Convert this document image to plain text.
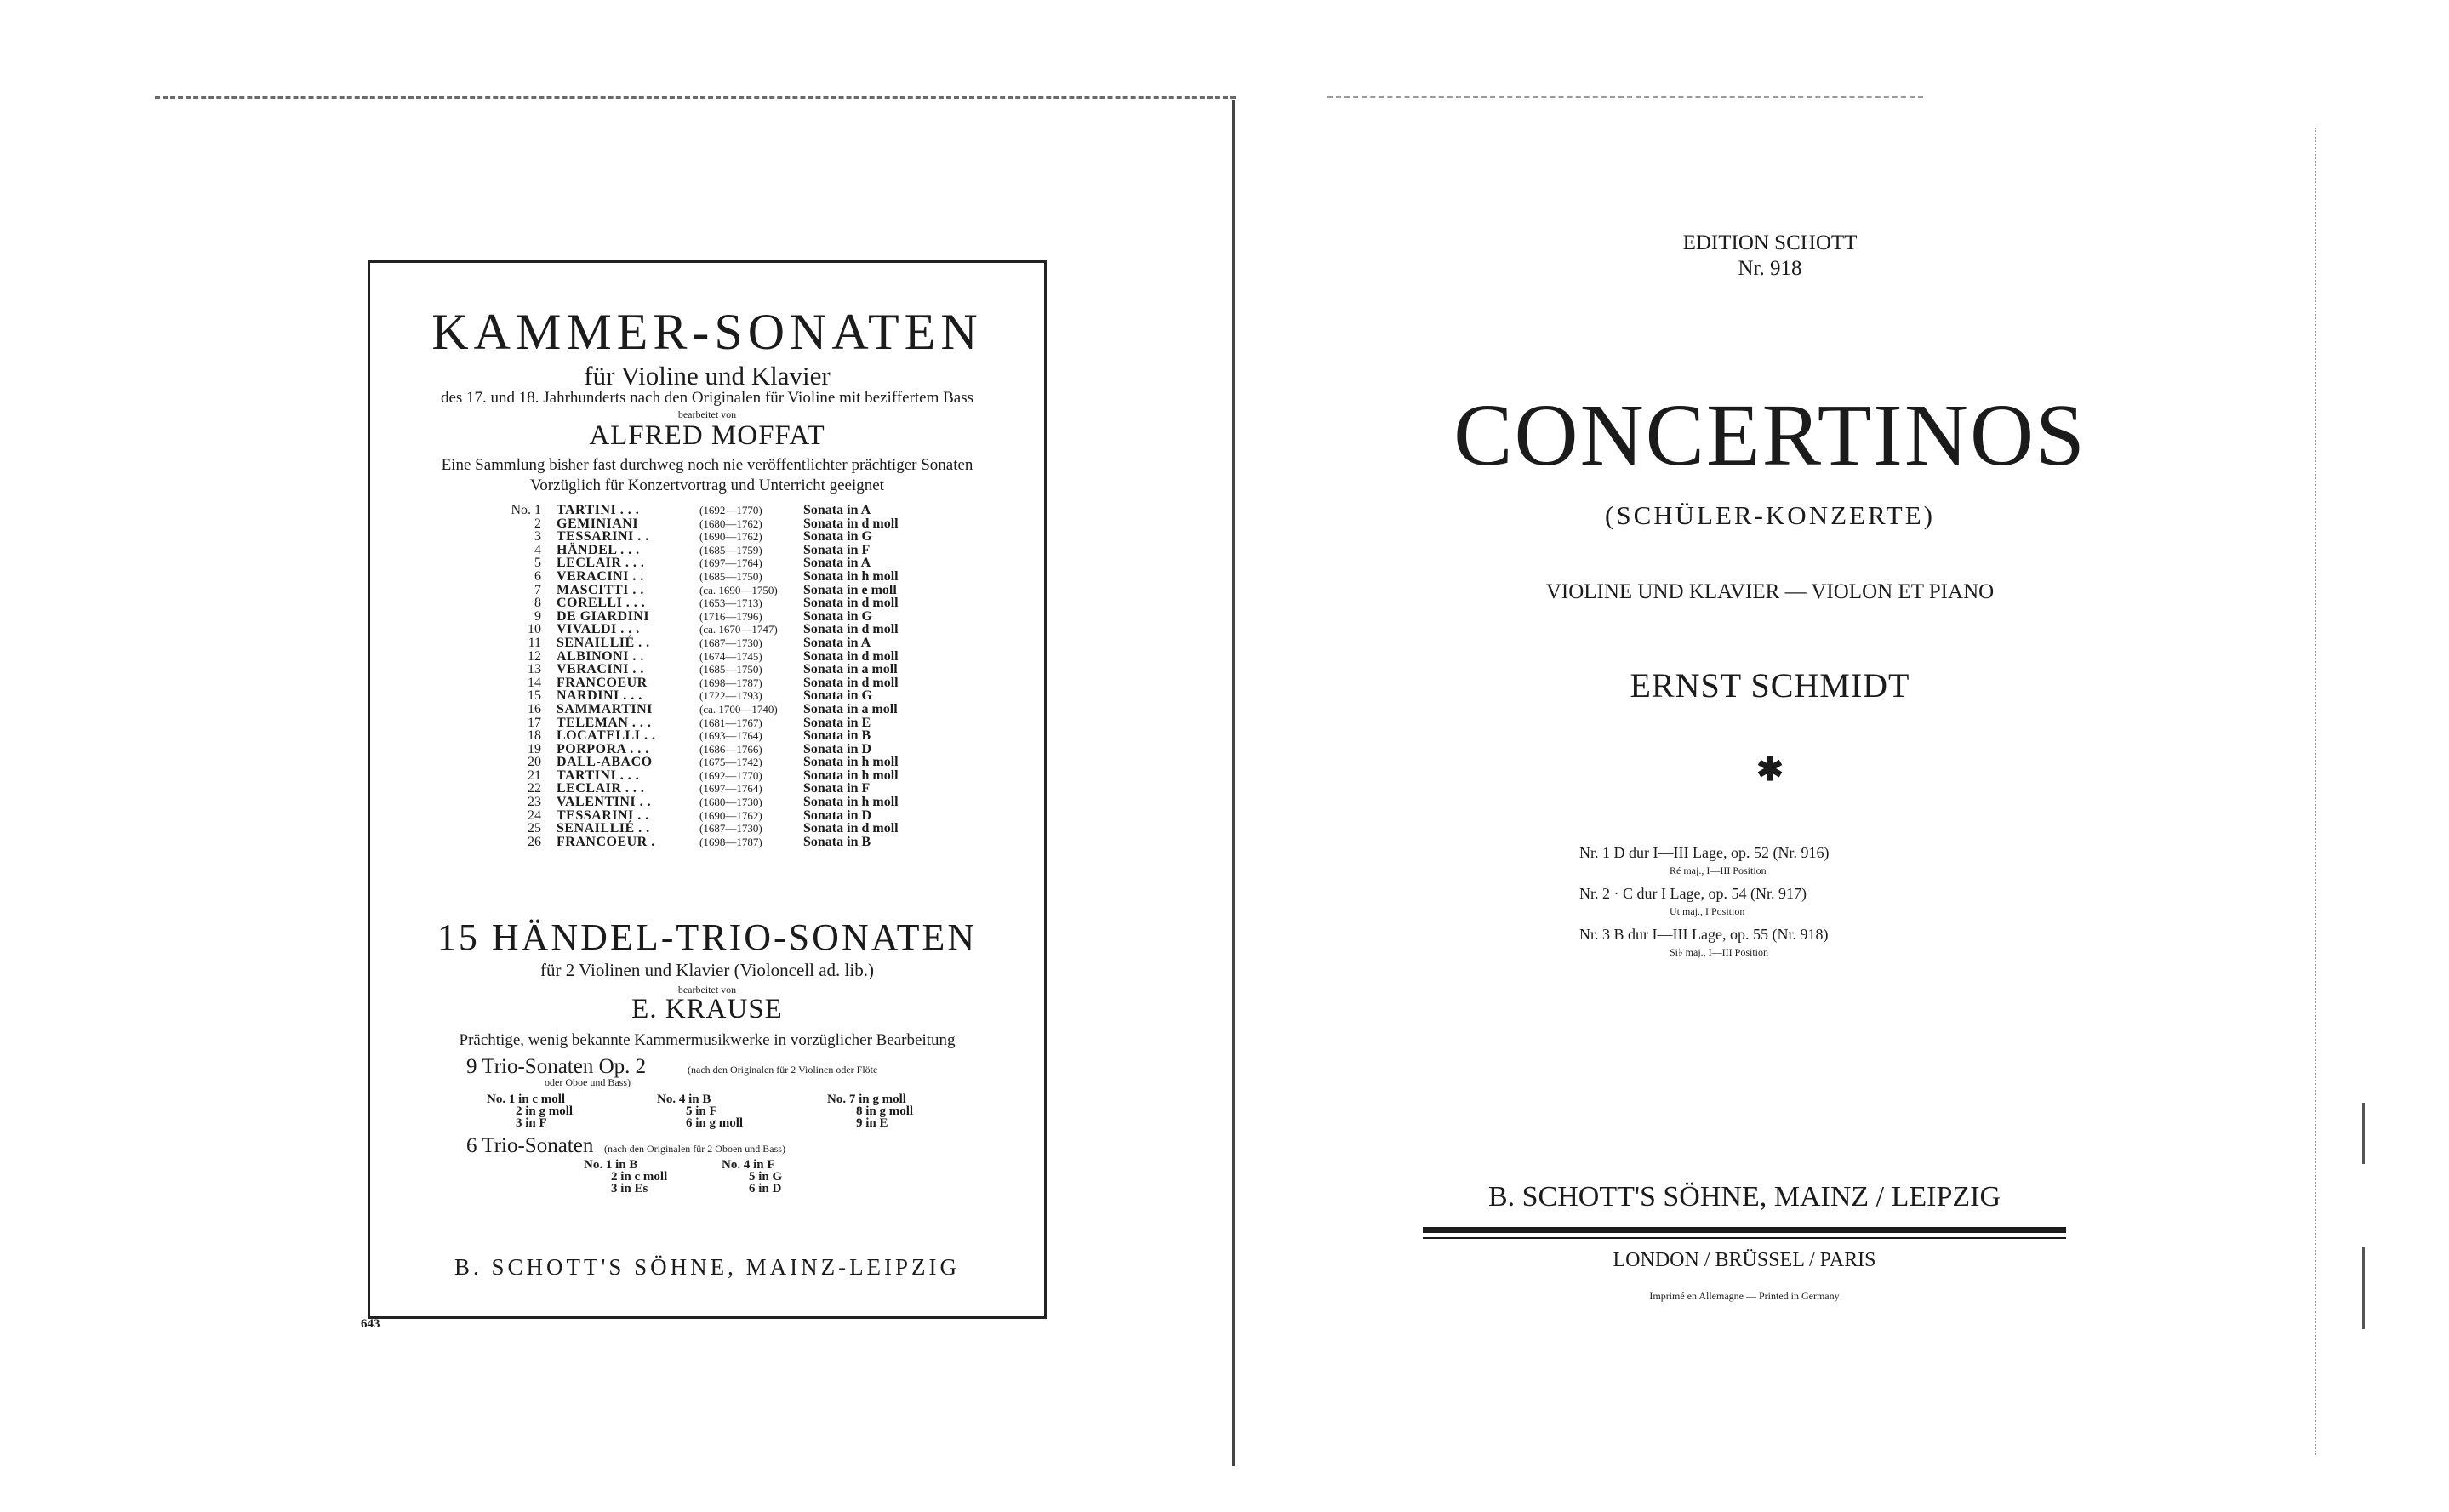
KAMMER-SONATEN
für Violine und Klavier
des 17. und 18. Jahrhunderts nach den Originalen für Violine mit beziffertem Bass
bearbeitet von
ALFRED MOFFAT
Eine Sammlung bisher fast durchweg noch nie veröffentlichter prächtiger Sonaten
Vorzüglich für Konzertvortrag und Unterricht geeignet
No. 1 TARTINI . . .	(1692—1770)	Sonata in A
2 GEMINIANI	(1680—1762)	Sonata in d moll
3 TESSARINI . .	(1690—1762)	Sonata in G
4 HÄNDEL . . .	(1685—1759)	Sonata in F
5 LECLAIR . . .	(1697—1764)	Sonata in A
6 VERACINI . .	(1685—1750)	Sonata in h moll
7 MASCITTI . .	(ca. 1690—1750) Sonata in e moll
8 CORELLI . . .	(1653—1713)	Sonata in d moll
9 DE GIARDINI	(1716—1796)	Sonata in G
10 VIVALDI . . .	(ca. 1670—1747) Sonata in d moll
11 SENAILLIÉ . .	(1687—1730)	Sonata in A
12 ALBINONI . .	(1674—1745)	Sonata in d moll
13 VERACINI . .	(1685—1750)	Sonata in a moll
14 FRANCOEUR	(1698—1787)	Sonata in d moll
15 NARDINI . . .	(1722—1793)	Sonata in G
16 SAMMARTINI	(ca. 1700—1740) Sonata in a moll
17 TELEMAN . . .	(1681—1767)	Sonata in E
18 LOCATELLI . .	(1693—1764)	Sonata in B
19 PORPORA . . .	(1686—1766)	Sonata in D
20 DALL-ABACO	(1675—1742)	Sonata in h moll
21 TARTINI . . .	(1692—1770)	Sonata in h moll
22 LECLAIR . . .	(1697—1764)	Sonata in F
23 VALENTINI . .	(1680—1730)	Sonata in h moll
24 TESSARINI . .	(1690—1762)	Sonata in D
25 SENAILLIÉ . .	(1687—1730)	Sonata in d moll
26 FRANCOEUR .	(1698—1787)	Sonata in B
15 HÄNDEL-TRIO-SONATEN
für 2 Violinen und Klavier (Violoncell ad. lib.)
bearbeitet von
E. KRAUSE
Prächtige, wenig bekannte Kammermusikwerke in vorzüglicher Bearbeitung
9 Trio-Sonaten Op. 2	(nach den Originalen für 2 Violinen oder Flöte
oder Oboe und Bass)
No. 1 in c moll
2 in g moll
3 in F
No. 4 in B
5 in F
6 in g moll
No. 7 in g moll
8 in g moll
9 in E
6 Trio-Sonaten (nach den Originalen für 2 Oboen und Bass)
No. 1 in B
2 in c moll
3 in Es
No. 4 in F
5 in G
6 in D
B. SCHOTT'S SÖHNE, MAINZ-LEIPZIG
643
EDITION SCHOTT
Nr. 918
CONCERTINOS
(SCHÜLER-KONZERTE)
VIOLINE UND KLAVIER — VIOLON ET PIANO
ERNST SCHMIDT
✱
Nr. 1 D dur I—III Lage, op. 52 (Nr. 916)
Ré maj., I—III Position
Nr. 2 · C dur I Lage, op. 54 (Nr. 917)
Ut maj., I Position
Nr. 3 B dur I—III Lage, op. 55 (Nr. 918)
Si♭ maj., I—III Position
B. SCHOTT'S SÖHNE, MAINZ / LEIPZIG
LONDON / BRÜSSEL / PARIS
Imprimé en Allemagne — Printed in Germany
